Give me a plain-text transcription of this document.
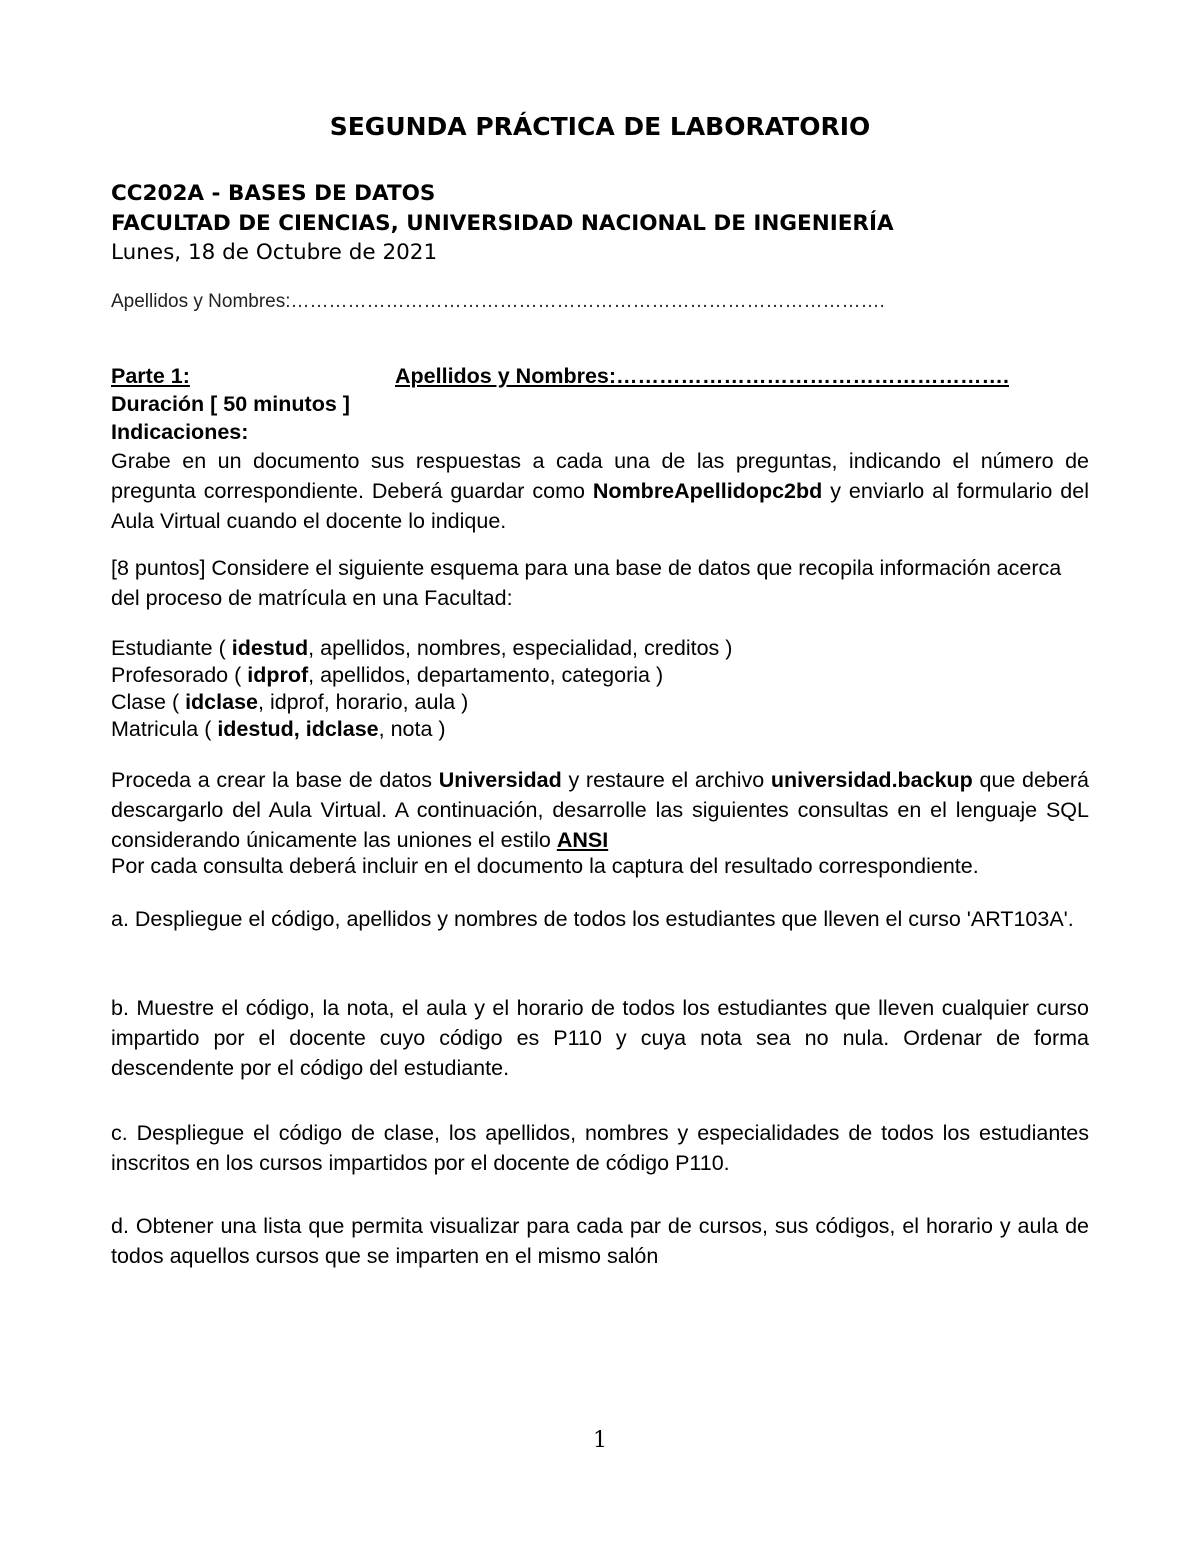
SEGUNDA PRÁCTICA DE LABORATORIO
CC202A - BASES DE DATOS
FACULTAD DE CIENCIAS, UNIVERSIDAD NACIONAL DE INGENIERÍA
Lunes, 18 de Octubre de 2021
Apellidos y Nombres:………………………………………………………………………………….
Parte 1:	Apellidos y Nombres:……………………………………………….
Duración [ 50 minutos ]
Indicaciones:
Grabe en un documento sus respuestas a cada una de las preguntas, indicando el número de pregunta correspondiente. Deberá guardar como NombreApellidopc2bd y enviarlo al formulario del Aula Virtual cuando el docente lo indique.
[8 puntos] Considere el siguiente esquema para una base de datos que recopila información acerca del proceso de matrícula en una Facultad:
Estudiante ( idestud, apellidos, nombres, especialidad, creditos )
Profesorado ( idprof, apellidos, departamento, categoria )
Clase ( idclase, idprof, horario, aula )
Matricula ( idestud, idclase, nota )
Proceda a crear la base de datos Universidad y restaure el archivo universidad.backup que deberá descargarlo del Aula Virtual. A continuación, desarrolle las siguientes consultas en el lenguaje SQL considerando únicamente las uniones el estilo ANSI
Por cada consulta deberá incluir en el documento la captura del resultado correspondiente.
a. Despliegue el código, apellidos y nombres de todos los estudiantes que lleven el curso 'ART103A'.
b. Muestre el código, la nota, el aula y el horario de todos los estudiantes que lleven cualquier curso impartido por el docente cuyo código es P110 y cuya nota sea no nula. Ordenar de forma descendente por el código del estudiante.
c. Despliegue el código de clase, los apellidos, nombres y especialidades de todos los estudiantes inscritos en los cursos impartidos por el docente de código P110.
d. Obtener una lista que permita visualizar para cada par de cursos, sus códigos, el horario y aula de todos aquellos cursos que se imparten en el mismo salón
1
